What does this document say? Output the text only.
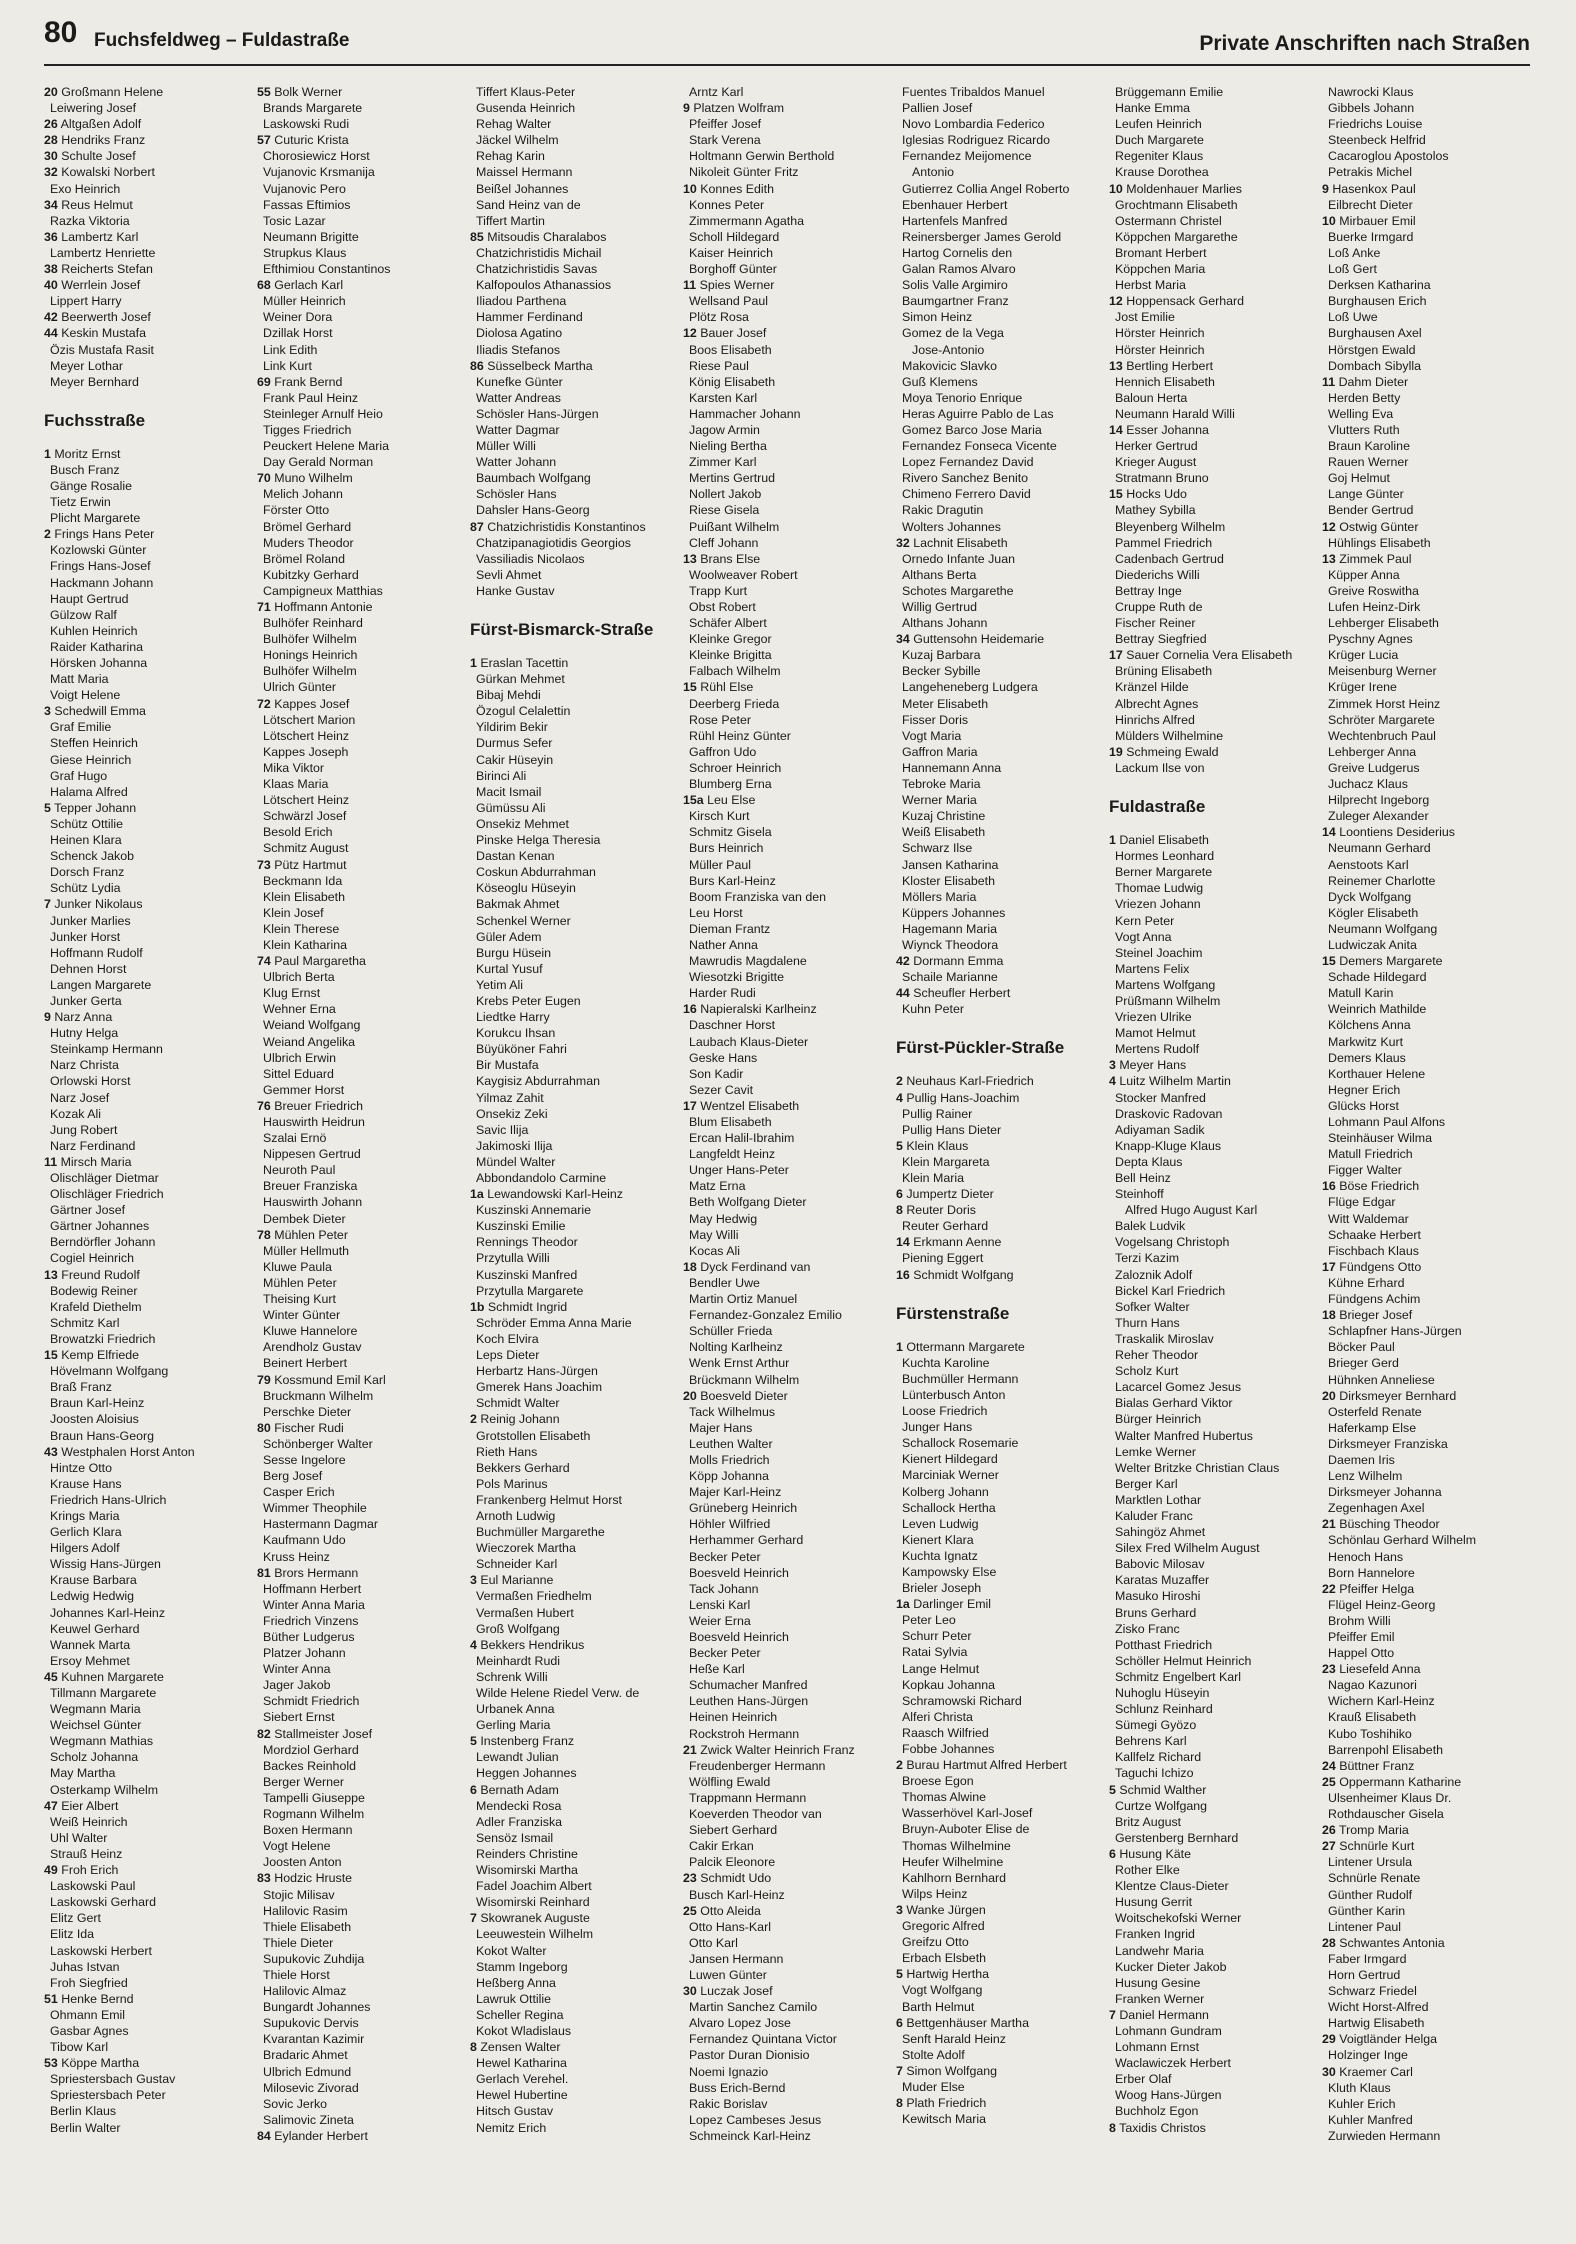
80 Fuchsfeldweg – Fuldastraße	Private Anschriften nach Straßen
20 Großmann Helene
Leiwering Josef
26 Altgaßen Adolf
28 Hendriks Franz
30 Schulte Josef
32 Kowalski Norbert
Exo Heinrich
34 Reus Helmut
Razka Viktoria
36 Lambertz Karl
Lambertz Henriette
38 Reicherts Stefan
40 Werrlein Josef
Lippert Harry
42 Beerwerth Josef
44 Keskin Mustafa
Özis Mustafa Rasit
Meyer Lothar
Meyer Bernhard
Fuchsstraße
1 Moritz Ernst
Busch Franz
Gänge Rosalie
Tietz Erwin
Plicht Margarete
2 Frings Hans Peter
Kozlowski Günter
Frings Hans-Josef
Hackmann Johann
Haupt Gertrud
Gülzow Ralf
Kuhlen Heinrich
Raider Katharina
Hörsken Johanna
Matt Maria
Voigt Helene
3 Schedwill Emma
Graf Emilie
Steffen Heinrich
Giese Heinrich
Graf Hugo
Halama Alfred
5 Tepper Johann
Schütz Ottilie
Heinen Klara
Schenck Jakob
Dorsch Franz
Schütz Lydia
7 Junker Nikolaus
Junker Marlies
Junker Horst
Hoffmann Rudolf
Dehnen Horst
Langen Margarete
Junker Gerta
9 Narz Anna
Hutny Helga
Steinkamp Hermann
Narz Christa
Orlowski Horst
Narz Josef
Kozak Ali
Jung Robert
Narz Ferdinand
11 Mirsch Maria
Olischläger Dietmar
Olischläger Friedrich
Gärtner Josef
Gärtner Johannes
Berndörfler Johann
Cogiel Heinrich
13 Freund Rudolf
Bodewig Reiner
Krafeld Diethelm
Schmitz Karl
Browatzki Friedrich
15 Kemp Elfriede
Hövelmann Wolfgang
Braß Franz
Braun Karl-Heinz
Joosten Aloisius
Braun Hans-Georg
43 Westphalen Horst Anton
Hintze Otto
Krause Hans
Friedrich Hans-Ulrich
Krings Maria
Gerlich Klara
Hilgers Adolf
Wissig Hans-Jürgen
Krause Barbara
Ledwig Hedwig
Johannes Karl-Heinz
Keuwel Gerhard
Wannek Marta
Ersoy Mehmet
45 Kuhnen Margarete
Tillmann Margarete
Wegmann Maria
Weichsel Günter
Wegmann Mathias
Scholz Johanna
May Martha
Osterkamp Wilhelm
47 Eier Albert
Weiß Heinrich
Uhl Walter
Strauß Heinz
49 Froh Erich
Laskowski Paul
Laskowski Gerhard
Elitz Gert
Elitz Ida
Laskowski Herbert
Juhas Istvan
Froh Siegfried
51 Henke Bernd
Ohmann Emil
Gasbar Agnes
Tibow Karl
53 Köppe Martha
Spriestersbach Gustav
Spriestersbach Peter
Berlin Klaus
Berlin Walter
55 Bolk Werner
Brands Margarete
Laskowski Rudi
57 Cuturic Krista
Chorosiewicz Horst
Vujanovic Krsmanija
Vujanovic Pero
Fassas Eftimios
Tosic Lazar
Neumann Brigitte
Strupkus Klaus
Efthimiou Constantinos
68 Gerlach Karl
Müller Heinrich
Weiner Dora
Dzillak Horst
Link Edith
Link Kurt
69 Frank Bernd
Frank Paul Heinz
Steinleger Arnulf Heio
Tigges Friedrich
Peuckert Helene Maria
Day Gerald Norman
70 Muno Wilhelm
Melich Johann
Förster Otto
Brömel Gerhard
Muders Theodor
Brömel Roland
Kubitzky Gerhard
Campigneux Matthias
71 Hoffmann Antonie
Bulhöfer Reinhard
Bulhöfer Wilhelm
Honings Heinrich
Bulhöfer Wilhelm
Ulrich Günter
72 Kappes Josef
Lötschert Marion
Lötschert Heinz
Kappes Joseph
Mika Viktor
Klaas Maria
Lötschert Heinz
Schwärzl Josef
Besold Erich
Schmitz August
73 Pütz Hartmut
Beckmann Ida
Klein Elisabeth
Klein Josef
Klein Therese
Klein Katharina
74 Paul Margaretha
Ulbrich Berta
Klug Ernst
Wehner Erna
Weiand Wolfgang
Weiand Angelika
Ulbrich Erwin
Sittel Eduard
Gemmer Horst
76 Breuer Friedrich
Hauswirth Heidrun
Szalai Ernö
Nippesen Gertrud
Neuroth Paul
Breuer Franziska
Hauswirth Johann
Dembek Dieter
78 Mühlen Peter
Müller Hellmuth
Kluwe Paula
Mühlen Peter
Theising Kurt
Winter Günter
Kluwe Hannelore
Arendholz Gustav
Beinert Herbert
79 Kossmund Emil Karl
Bruckmann Wilhelm
Perschke Dieter
80 Fischer Rudi
Schönberger Walter
Sesse Ingelore
Berg Josef
Casper Erich
Wimmer Theophile
Hastermann Dagmar
Kaufmann Udo
Kruss Heinz
81 Brors Hermann
Hoffmann Herbert
Winter Anna Maria
Friedrich Vinzens
Büther Ludgerus
Platzer Johann
Winter Anna
Jager Jakob
Schmidt Friedrich
Siebert Ernst
82 Stallmeister Josef
Mordziol Gerhard
Backes Reinhold
Berger Werner
Tampelli Giuseppe
Rogmann Wilhelm
Boxen Hermann
Vogt Helene
Joosten Anton
83 Hodzic Hruste
Stojic Milisav
Halilovic Rasim
Thiele Elisabeth
Thiele Dieter
Supukovic Zuhdija
Thiele Horst
Halilovic Almaz
Bungardt Johannes
Supukovic Dervis
Kvarantan Kazimir
Bradaric Ahmet
Ulbrich Edmund
Milosevic Zivorad
Sovic Jerko
Salimovic Zineta
84 Eylander Herbert
Tiffert Klaus-Peter
Gusenda Heinrich
Rehag Walter
Jäckel Wilhelm
Rehag Karin
Maissel Hermann
Beißel Johannes
Sand Heinz van de
Tiffert Martin
85 Mitsoudis Charalabos
Chatzichristidis Michail
Chatzichristidis Savas
Kalfopoulos Athanassios
Iliadou Parthena
Hammer Ferdinand
Diolosa Agatino
Iliadis Stefanos
86 Süsselbeck Martha
Kunefke Günter
Watter Andreas
Schösler Hans-Jürgen
Watter Dagmar
Müller Willi
Watter Johann
Baumbach Wolfgang
Schösler Hans
Dahsler Hans-Georg
87 Chatzichristidis Konstantinos
Chatzipanagiotidis Georgios
Vassiliadis Nicolaos
Sevli Ahmet
Hanke Gustav
Fürst-Bismarck-Straße
1 Eraslan Tacettin
Gürkan Mehmet
Bibaj Mehdi
Özogul Celalettin
Yildirim Bekir
Durmus Sefer
Cakir Hüseyin
Birinci Ali
Macit Ismail
Gümüssu Ali
Onsekiz Mehmet
Pinske Helga Theresia
Dastan Kenan
Coskun Abdurrahman
Köseoglu Hüseyin
Bakmak Ahmet
Schenkel Werner
Güler Adem
Burgu Hüsein
Kurtal Yusuf
Yetim Ali
Krebs Peter Eugen
Liedtke Harry
Korukcu Ihsan
Büyüköner Fahri
Bir Mustafa
Kaygisiz Abdurrahman
Yilmaz Zahit
Onsekiz Zeki
Savic Ilija
Jakimoski Ilija
Mündel Walter
Abbondandolo Carmine
1a Lewandowski Karl-Heinz
Kuszinski Annemarie
Kuszinski Emilie
Rennings Theodor
Przytulla Willi
Kuszinski Manfred
Przytulla Margarete
1b Schmidt Ingrid
Schröder Emma Anna Marie
Koch Elvira
Leps Dieter
Herbartz Hans-Jürgen
Gmerek Hans Joachim
Schmidt Walter
2 Reinig Johann
Grotstollen Elisabeth
Rieth Hans
Bekkers Gerhard
Pols Marinus
Frankenberg Helmut Horst
Arnoth Ludwig
Buchmüller Margarethe
Wieczorek Martha
Schneider Karl
3 Eul Marianne
Vermaßen Friedhelm
Vermaßen Hubert
Groß Wolfgang
4 Bekkers Hendrikus
Meinhardt Rudi
Schrenk Willi
Wilde Helene Riedel Verw. de
Urbanek Anna
Gerling Maria
5 Instenberg Franz
Lewandt Julian
Heggen Johannes
6 Bernath Adam
Mendecki Rosa
Adler Franziska
Sensöz Ismail
Reinders Christine
Wisomirski Martha
Fadel Joachim Albert
Wisomirski Reinhard
7 Skowranek Auguste
Leeuwestein Wilhelm
Kokot Walter
Stamm Ingeborg
Heßberg Anna
Lawruk Ottilie
Scheller Regina
Kokot Wladislaus
8 Zensen Walter
Hewel Katharina
Gerlach Verehel.
Hewel Hubertine
Hitsch Gustav
Nemitz Erich
Arntz Karl
9 Platzen Wolfram
Pfeiffer Josef
Stark Verena
Holtmann Gerwin Berthold
Nikoleit Günter Fritz
10 Konnes Edith
Konnes Peter
Zimmermann Agatha
Scholl Hildegard
Kaiser Heinrich
Borghoff Günter
11 Spies Werner
Wellsand Paul
Plötz Rosa
12 Bauer Josef
Boos Elisabeth
Riese Paul
König Elisabeth
Karsten Karl
Hammacher Johann
Jagow Armin
Nieling Bertha
Zimmer Karl
Mertins Gertrud
Nollert Jakob
Riese Gisela
Puißant Wilhelm
Cleff Johann
13 Brans Else
Woolweaver Robert
Trapp Kurt
Obst Robert
Schäfer Albert
Kleinke Gregor
Kleinke Brigitta
Falbach Wilhelm
15 Rühl Else
Deerberg Frieda
Rose Peter
Rühl Heinz Günter
Gaffron Udo
Schroer Heinrich
Blumberg Erna
15a Leu Else
Kirsch Kurt
Schmitz Gisela
Burs Heinrich
Müller Paul
Burs Karl-Heinz
Boom Franziska van den
Leu Horst
Dieman Frantz
Nather Anna
Mawrudis Magdalene
Wiesotzki Brigitte
Harder Rudi
16 Napieralski Karlheinz
Daschner Horst
Laubach Klaus-Dieter
Geske Hans
Son Kadir
Sezer Cavit
17 Wentzel Elisabeth
Blum Elisabeth
Ercan Halil-Ibrahim
Langfeldt Heinz
Unger Hans-Peter
Matz Erna
Beth Wolfgang Dieter
May Hedwig
May Willi
Kocas Ali
18 Dyck Ferdinand van
Bendler Uwe
Martin Ortiz Manuel
Fernandez-Gonzalez Emilio
Schüller Frieda
Nolting Karlheinz
Wenk Ernst Arthur
Brückmann Wilhelm
20 Boesveld Dieter
Tack Wilhelmus
Majer Hans
Leuthen Walter
Molls Friedrich
Köpp Johanna
Majer Karl-Heinz
Grüneberg Heinrich
Höhler Wilfried
Herhammer Gerhard
Becker Peter
Boesveld Heinrich
Tack Johann
Lenski Karl
Weier Erna
Boesveld Heinrich
Becker Peter
Heße Karl
Schumacher Manfred
Leuthen Hans-Jürgen
Heinen Heinrich
Rockstroh Hermann
21 Zwick Walter Heinrich Franz
Freudenberger Hermann
Wölfling Ewald
Trappmann Hermann
Koeverden Theodor van
Siebert Gerhard
Cakir Erkan
Palcik Eleonore
23 Schmidt Udo
Busch Karl-Heinz
25 Otto Aleida
Otto Hans-Karl
Otto Karl
Jansen Hermann
Luwen Günter
30 Luczak Josef
Martin Sanchez Camilo
Alvaro Lopez Jose
Fernandez Quintana Victor
Pastor Duran Dionisio
Noemi Ignazio
Buss Erich-Bernd
Rakic Borislav
Lopez Cambeses Jesus
Schmeinck Karl-Heinz
Fuentes Tribaldos Manuel
Pallien Josef
Novo Lombardia Federico
Iglesias Rodriguez Ricardo
Fernandez Meijomence
Antonio
Gutierrez Collia Angel Roberto
Ebenhauer Herbert
Hartenfels Manfred
Reinersberger James Gerold
Hartog Cornelis den
Galan Ramos Alvaro
Solis Valle Argimiro
Baumgartner Franz
Simon Heinz
Gomez de la Vega
Jose-Antonio
Makovicic Slavko
Guß Klemens
Moya Tenorio Enrique
Heras Aguirre Pablo de Las
Gomez Barco Jose Maria
Fernandez Fonseca Vicente
Lopez Fernandez David
Rivero Sanchez Benito
Chimeno Ferrero David
Rakic Dragutin
Wolters Johannes
32 Lachnit Elisabeth
Ornedo Infante Juan
Althans Berta
Schotes Margarethe
Willig Gertrud
Althans Johann
34 Guttensohn Heidemarie
Kuzaj Barbara
Becker Sybille
Langeheneberg Ludgera
Meter Elisabeth
Fisser Doris
Vogt Maria
Gaffron Maria
Hannemann Anna
Tebroke Maria
Werner Maria
Kuzaj Christine
Weiß Elisabeth
Schwarz Ilse
Jansen Katharina
Kloster Elisabeth
Möllers Maria
Küppers Johannes
Hagemann Maria
Wiynck Theodora
42 Dormann Emma
Schaile Marianne
44 Scheufler Herbert
Kuhn Peter
Fürst-Pückler-Straße
2 Neuhaus Karl-Friedrich
4 Pullig Hans-Joachim
Pullig Rainer
Pullig Hans Dieter
5 Klein Klaus
Klein Margareta
Klein Maria
6 Jumpertz Dieter
8 Reuter Doris
Reuter Gerhard
14 Erkmann Aenne
Piening Eggert
16 Schmidt Wolfgang
Fürstenstraße
1 Ottermann Margarete
Kuchta Karoline
Buchmüller Hermann
Lünterbusch Anton
Loose Friedrich
Junger Hans
Schallock Rosemarie
Kienert Hildegard
Marciniak Werner
Kolberg Johann
Schallock Hertha
Leven Ludwig
Kienert Klara
Kuchta Ignatz
Kampowsky Else
Brieler Joseph
1a Darlinger Emil
Peter Leo
Schurr Peter
Ratai Sylvia
Lange Helmut
Kopkau Johanna
Schramowski Richard
Alferi Christa
Raasch Wilfried
Fobbe Johannes
2 Burau Hartmut Alfred Herbert
Broese Egon
Thomas Alwine
Wasserhövel Karl-Josef
Bruyn-Auboter Elise de
Thomas Wilhelmine
Heufer Wilhelmine
Kahlhorn Bernhard
Wilps Heinz
3 Wanke Jürgen
Gregoric Alfred
Greifzu Otto
Erbach Elsbeth
5 Hartwig Hertha
Vogt Wolfgang
Barth Helmut
6 Bettgenhäuser Martha
Senft Harald Heinz
Stolte Adolf
7 Simon Wolfgang
Muder Else
8 Plath Friedrich
Kewitsch Maria
Brüggemann Emilie
Hanke Emma
Leufen Heinrich
Duch Margarete
Regeniter Klaus
Krause Dorothea
10 Moldenhauer Marlies
Grochtmann Elisabeth
Ostermann Christel
Köppchen Margarethe
Bromant Herbert
Köppchen Maria
Herbst Maria
12 Hoppensack Gerhard
Jost Emilie
Hörster Heinrich
Hörster Heinrich
13 Bertling Herbert
Hennich Elisabeth
Baloun Herta
Neumann Harald Willi
14 Esser Johanna
Herker Gertrud
Krieger August
Stratmann Bruno
15 Hocks Udo
Mathey Sybilla
Bleyenberg Wilhelm
Pammel Friedrich
Cadenbach Gertrud
Diederichs Willi
Bettray Inge
Cruppe Ruth de
Fischer Reiner
Bettray Siegfried
17 Sauer Cornelia Vera Elisabeth
Brüning Elisabeth
Kränzel Hilde
Albrecht Agnes
Hinrichs Alfred
Mülders Wilhelmine
19 Schmeing Ewald
Lackum Ilse von
Fuldastraße
1 Daniel Elisabeth
Hormes Leonhard
Berner Margarete
Thomae Ludwig
Vriezen Johann
Kern Peter
Vogt Anna
Steinel Joachim
Martens Felix
Martens Wolfgang
Prüßmann Wilhelm
Vriezen Ulrike
Mamot Helmut
Mertens Rudolf
3 Meyer Hans
4 Luitz Wilhelm Martin
Stocker Manfred
Draskovic Radovan
Adiyaman Sadik
Knapp-Kluge Klaus
Depta Klaus
Bell Heinz
Steinhoff
Alfred Hugo August Karl
Balek Ludvik
Vogelsang Christoph
Terzi Kazim
Zaloznik Adolf
Bickel Karl Friedrich
Sofker Walter
Thurn Hans
Traskalik Miroslav
Reher Theodor
Scholz Kurt
Lacarcel Gomez Jesus
Bialas Gerhard Viktor
Bürger Heinrich
Walter Manfred Hubertus
Lemke Werner
Welter Britzke Christian Claus
Berger Karl
Marktlen Lothar
Kaluder Franc
Sahingöz Ahmet
Silex Fred Wilhelm August
Babovic Milosav
Karatas Muzaffer
Masuko Hiroshi
Bruns Gerhard
Zisko Franc
Potthast Friedrich
Schöller Helmut Heinrich
Schmitz Engelbert Karl
Nuhoglu Hüseyin
Schlunz Reinhard
Sümegi Gyözo
Behrens Karl
Kallfelz Richard
Taguchi Ichizo
5 Schmid Walther
Curtze Wolfgang
Britz August
Gerstenberg Bernhard
6 Husung Käte
Rother Elke
Klentze Claus-Dieter
Husung Gerrit
Woitschekofski Werner
Franken Ingrid
Landwehr Maria
Kucker Dieter Jakob
Husung Gesine
Franken Werner
7 Daniel Hermann
Lohmann Gundram
Lohmann Ernst
Waclawiczek Herbert
Erber Olaf
Woog Hans-Jürgen
Buchholz Egon
8 Taxidis Christos
Nawrocki Klaus
Gibbels Johann
Friedrichs Louise
Steenbeck Helfrid
Cacaroglou Apostolos
Petrakis Michel
9 Hasenkox Paul
Eilbrecht Dieter
10 Mirbauer Emil
Buerke Irmgard
Loß Anke
Loß Gert
Derksen Katharina
Burghausen Erich
Loß Uwe
Burghausen Axel
Hörstgen Ewald
Dombach Sibylla
11 Dahm Dieter
Herden Betty
Welling Eva
Vlutters Ruth
Braun Karoline
Rauen Werner
Goj Helmut
Lange Günter
Bender Gertrud
12 Ostwig Günter
Hühlings Elisabeth
13 Zimmek Paul
Küpper Anna
Greive Roswitha
Lufen Heinz-Dirk
Lehberger Elisabeth
Pyschny Agnes
Krüger Lucia
Meisenburg Werner
Krüger Irene
Zimmek Horst Heinz
Schröter Margarete
Wechtenbruch Paul
Lehberger Anna
Greive Ludgerus
Juchacz Klaus
Hilprecht Ingeborg
Zuleger Alexander
14 Loontiens Desiderius
Neumann Gerhard
Aenstoots Karl
Reinemer Charlotte
Dyck Wolfgang
Kögler Elisabeth
Neumann Wolfgang
Ludwiczak Anita
15 Demers Margarete
Schade Hildegard
Matull Karin
Weinrich Mathilde
Kölchens Anna
Markwitz Kurt
Demers Klaus
Korthauer Helene
Hegner Erich
Glücks Horst
Lohmann Paul Alfons
Steinhäuser Wilma
Matull Friedrich
Figger Walter
16 Böse Friedrich
Flüge Edgar
Witt Waldemar
Schaake Herbert
Fischbach Klaus
17 Fündgens Otto
Kühne Erhard
Fündgens Achim
18 Brieger Josef
Schlapfner Hans-Jürgen
Böcker Paul
Brieger Gerd
Hühnken Anneliese
20 Dirksmeyer Bernhard
Osterfeld Renate
Haferkamp Else
Dirksmeyer Franziska
Daemen Iris
Lenz Wilhelm
Dirksmeyer Johanna
Zegenhagen Axel
21 Büsching Theodor
Schönlau Gerhard Wilhelm
Henoch Hans
Born Hannelore
22 Pfeiffer Helga
Flügel Heinz-Georg
Brohm Willi
Pfeiffer Emil
Happel Otto
23 Liesefeld Anna
Nagao Kazunori
Wichern Karl-Heinz
Krauß Elisabeth
Kubo Toshihiko
Barrenpohl Elisabeth
24 Büttner Franz
25 Oppermann Katharine
Ulsenheimer Klaus Dr.
Rothdauscher Gisela
26 Tromp Maria
27 Schnürle Kurt
Lintener Ursula
Schnürle Renate
Günther Rudolf
Günther Karin
Lintener Paul
28 Schwantes Antonia
Faber Irmgard
Horn Gertrud
Schwarz Friedel
Wicht Horst-Alfred
Hartwig Elisabeth
29 Voigtländer Helga
Holzinger Inge
30 Kraemer Carl
Kluth Klaus
Kuhler Erich
Kuhler Manfred
Zurwieden Hermann
